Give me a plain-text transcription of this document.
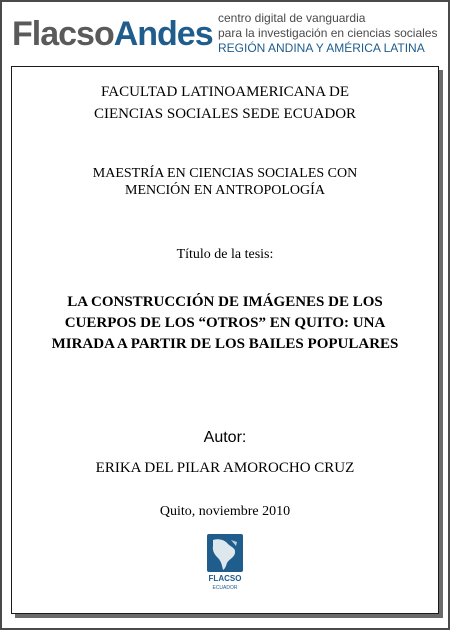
FlacsoAndes centro digital de vanguardia
para la investigación en ciencias sociales
REGIÓN ANDINA Y AMÉRICA LATINA
FACULTAD LATINOAMERICANA DE
CIENCIAS SOCIALES SEDE ECUADOR
MAESTRÍA EN CIENCIAS SOCIALES CON
MENCIÓN EN ANTROPOLOGÍA
Título de la tesis:
LA CONSTRUCCIÓN DE IMÁGENES DE LOS
CUERPOS DE LOS “OTROS” EN QUITO: UNA
MIRADA A PARTIR DE LOS BAILES POPULARES
Autor:
ERIKA DEL PILAR AMOROCHO CRUZ
Quito, noviembre 2010
FLACSO
ECUADOR
